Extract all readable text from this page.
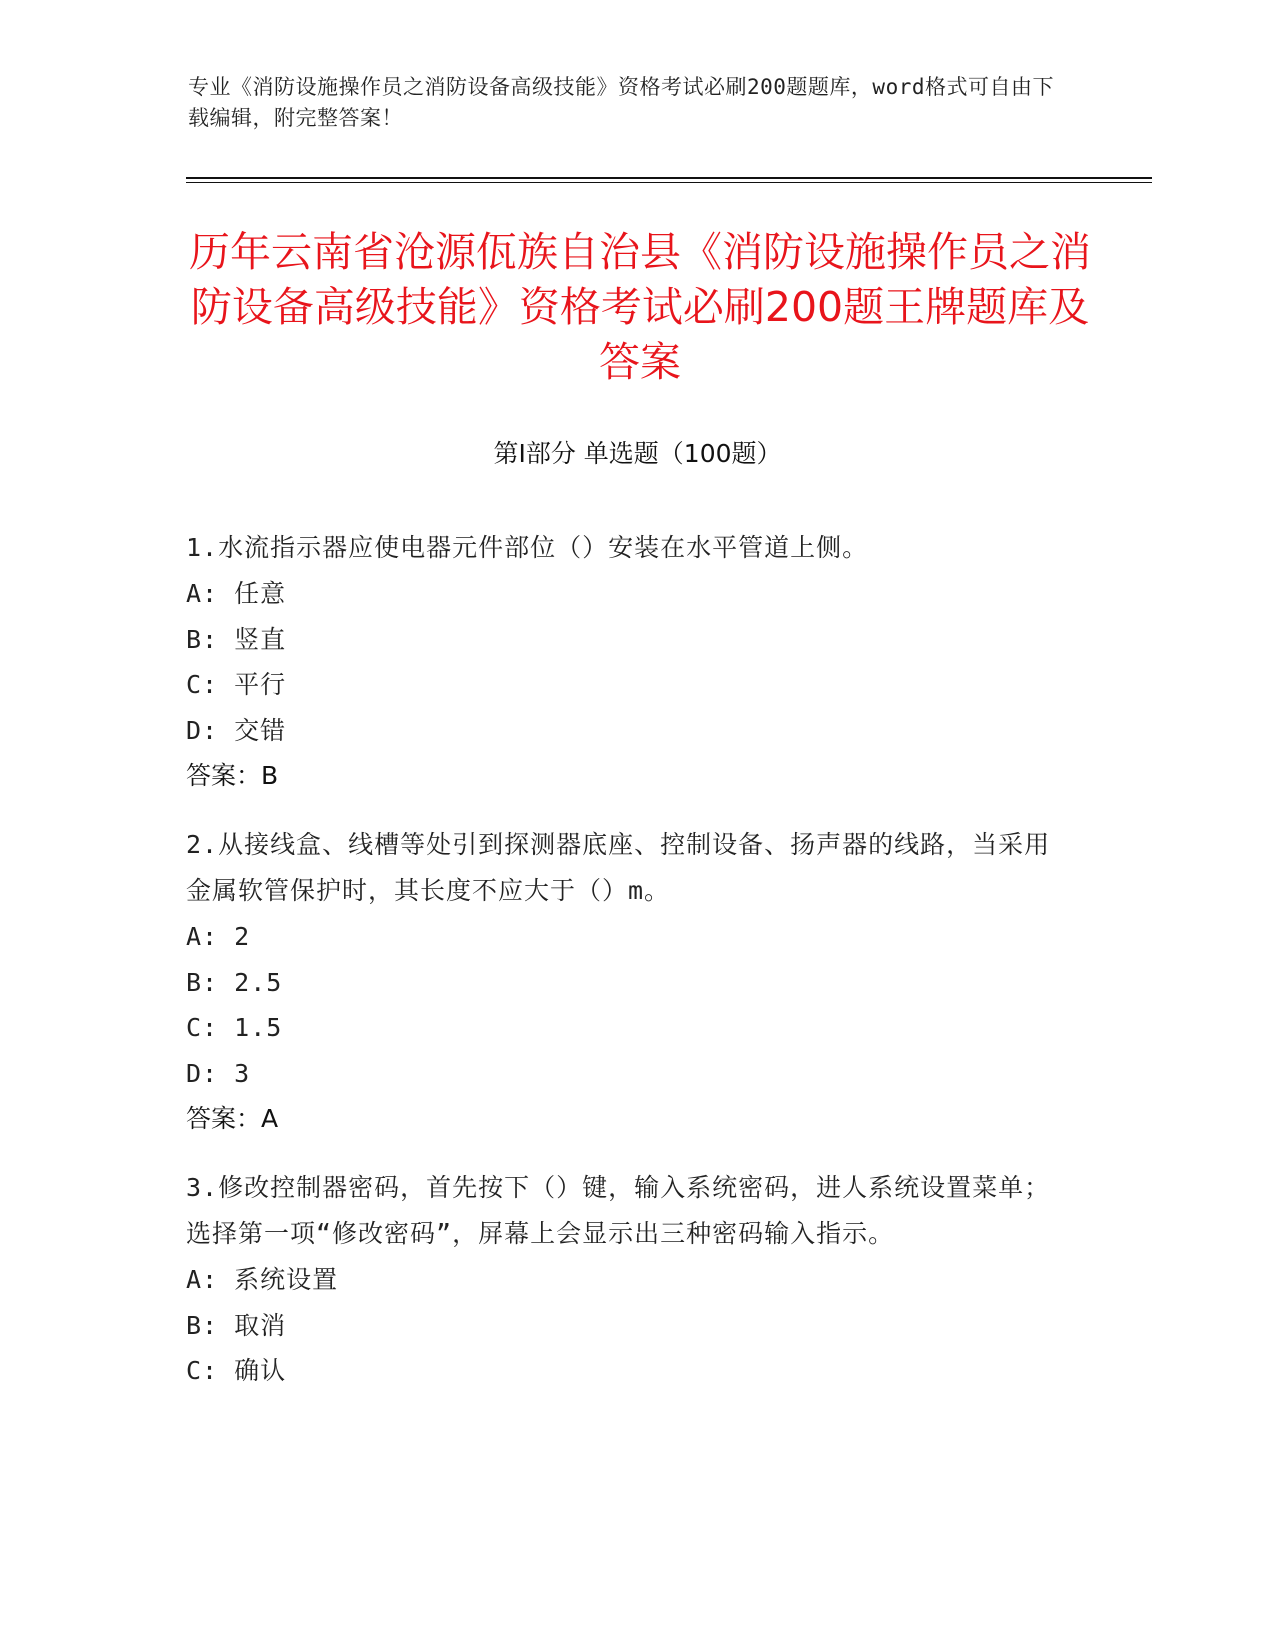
专业《消防设施操作员之消防设备高级技能》资格考试必刷200题题库，word格式可自由下载编辑，附完整答案！
历年云南省沧源佤族自治县《消防设施操作员之消防设备高级技能》资格考试必刷200题王牌题库及答案
第Ⅰ部分 单选题（100题）
1.水流指示器应使电器元件部位（）安装在水平管道上侧。
A: 任意
B: 竖直
C: 平行
D: 交错
答案：B
2.从接线盒、线槽等处引到探测器底座、控制设备、扬声器的线路，当采用金属软管保护时，其长度不应大于（）m。
A: 2
B: 2.5
C: 1.5
D: 3
答案：A
3.修改控制器密码，首先按下（）键，输入系统密码，进人系统设置菜单；选择第一项“修改密码”，屏幕上会显示出三种密码输入指示。
A: 系统设置
B: 取消
C: 确认
